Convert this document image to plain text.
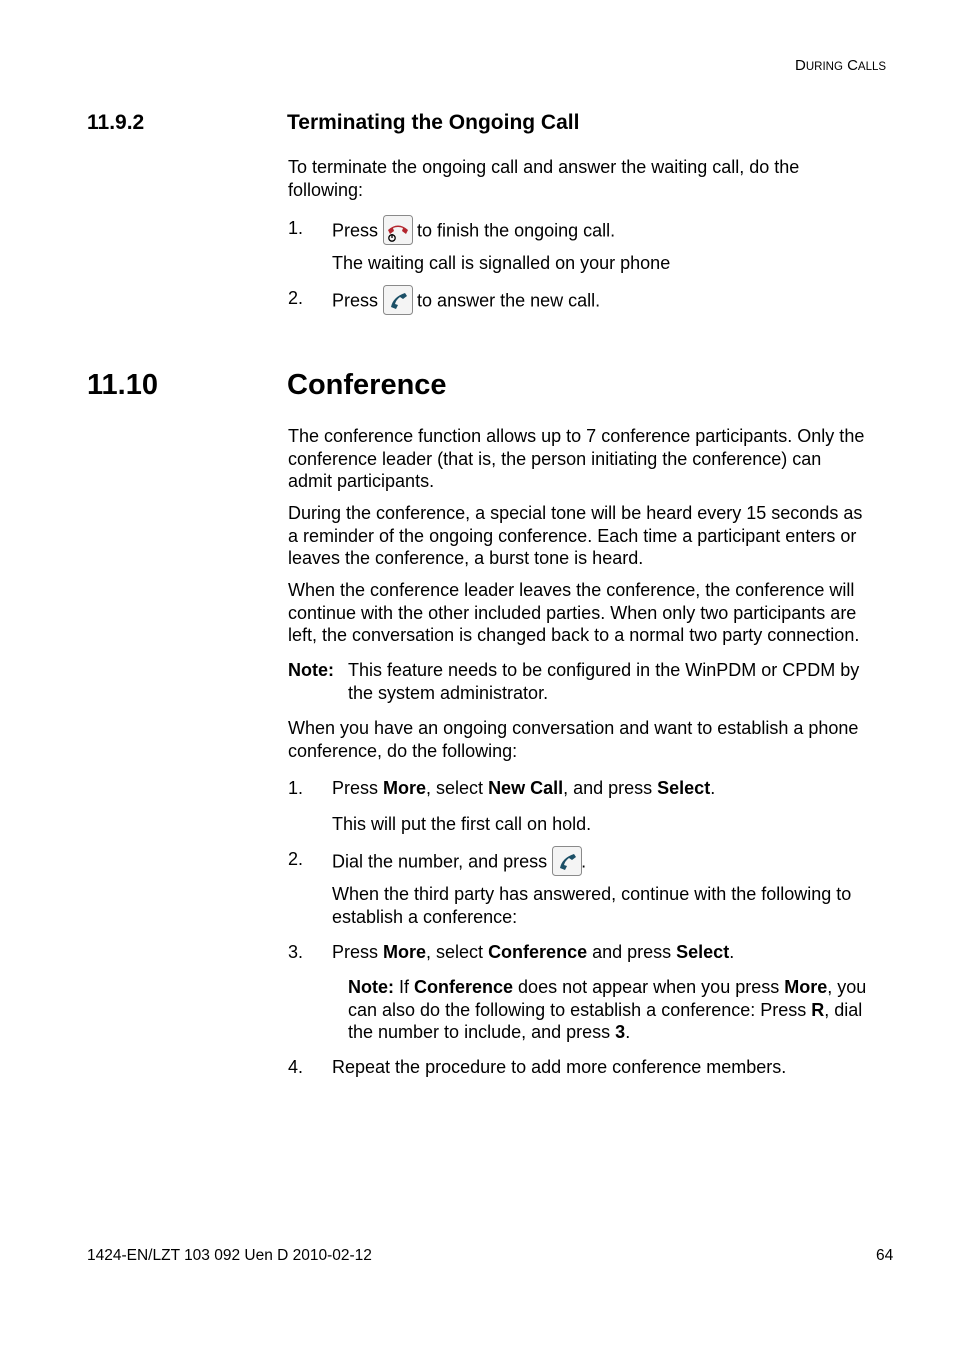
DURING CALLS
11.9.2	Terminating the Ongoing Call
To terminate the ongoing call and answer the waiting call, do the
following:
1. Press to finish the ongoing call.
The waiting call is signalled on your phone
2. Press to answer the new call.
11.10	Conference
The conference function allows up to 7 conference participants. Only the
conference leader (that is, the person initiating the conference) can
admit participants.
During the conference, a special tone will be heard every 15 seconds as
a reminder of the ongoing conference. Each time a participant enters or
leaves the conference, a burst tone is heard.
When the conference leader leaves the conference, the conference will
continue with the other included parties. When only two participants are
left, the conversation is changed back to a normal two party connection.
Note: This feature needs to be configured in the WinPDM or CPDM by
the system administrator.
When you have an ongoing conversation and want to establish a phone
conference, do the following:
1. Press More, select New Call, and press Select.
This will put the first call on hold.
2. Dial the number, and press .
When the third party has answered, continue with the following to
establish a conference:
3. Press More, select Conference and press Select.
Note: If Conference does not appear when you press More, you
can also do the following to establish a conference: Press R, dial
the number to include, and press 3.
4. Repeat the procedure to add more conference members.
1424-EN/LZT 103 092 Uen D 2010-02-12	64
